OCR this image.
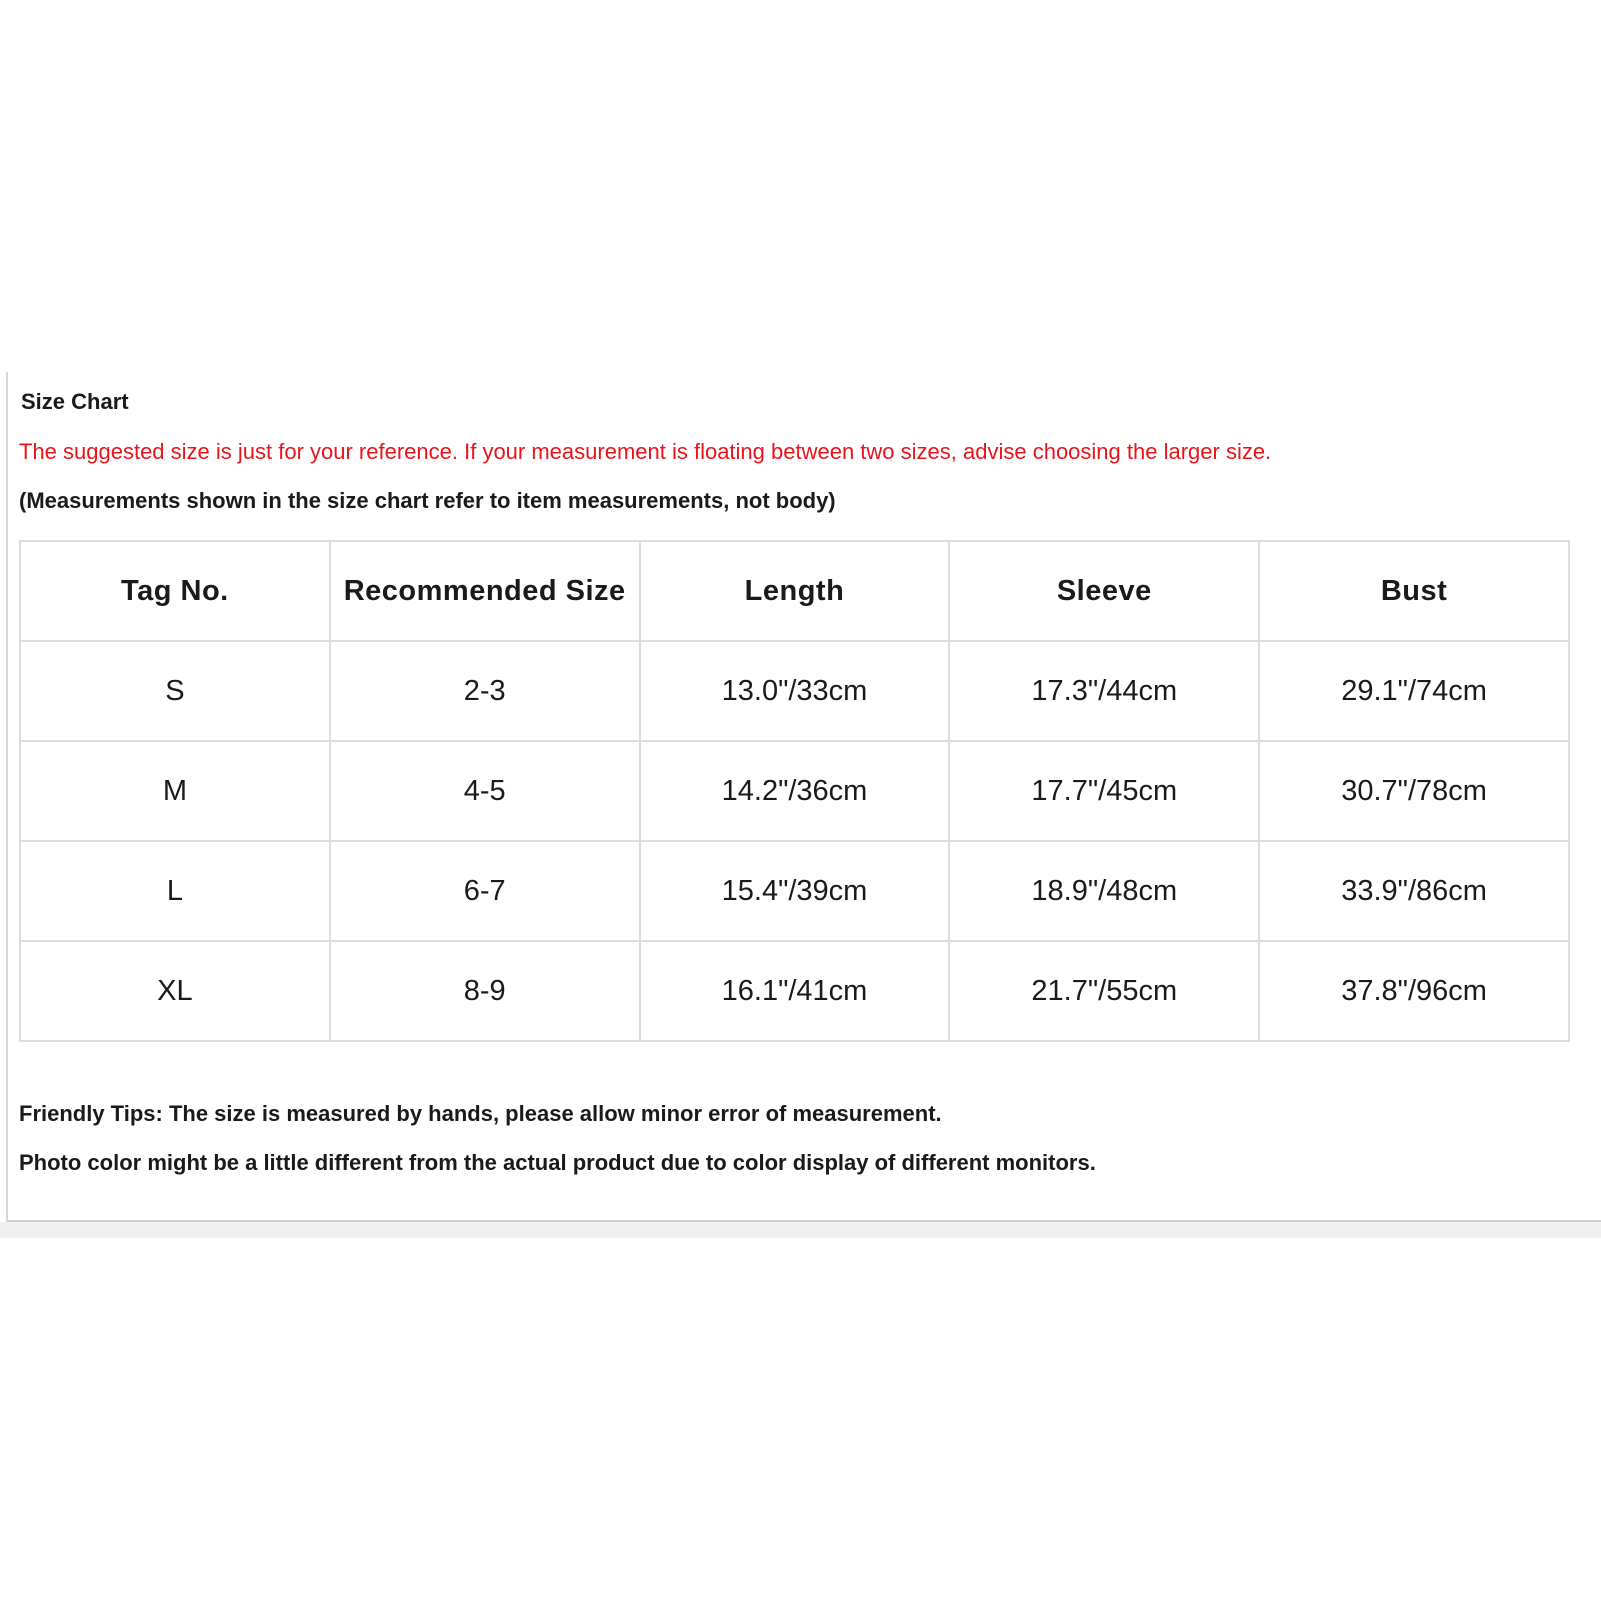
Size Chart
The suggested size is just for your reference. If your measurement is floating between two sizes, advise choosing the larger size.
(Measurements shown in the size chart refer to item measurements, not body)
Tag No.	Recommended Size	Length	Sleeve	Bust
S	2-3	13.0"/33cm	17.3"/44cm	29.1"/74cm
M	4-5	14.2"/36cm	17.7"/45cm	30.7"/78cm
L	6-7	15.4"/39cm	18.9"/48cm	33.9"/86cm
XL	8-9	16.1"/41cm	21.7"/55cm	37.8"/96cm
Friendly Tips: The size is measured by hands, please allow minor error of measurement.
Photo color might be a little different from the actual product due to color display of different monitors.
